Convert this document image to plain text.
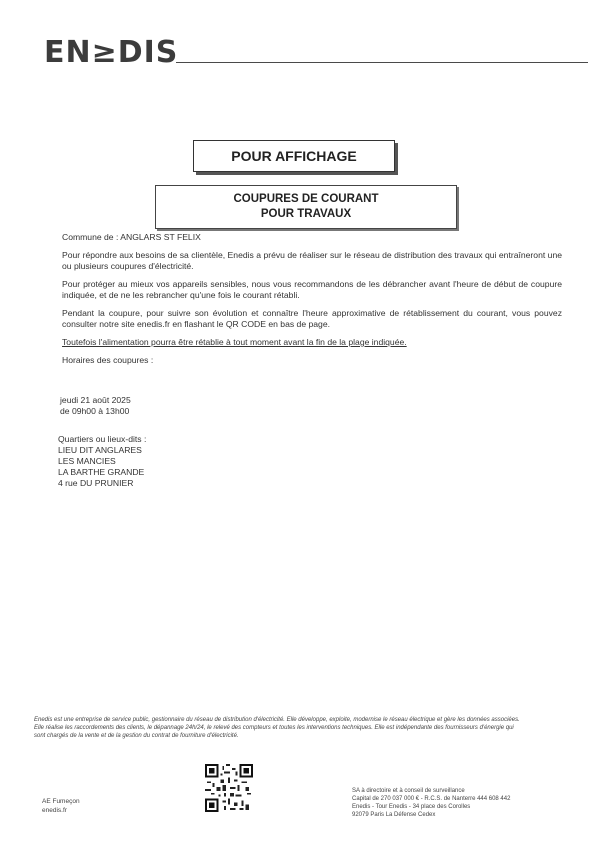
EN≥DIS
POUR AFFICHAGE
COUPURES DE COURANT
POUR TRAVAUX

Commune de : ANGLARS ST FELIX

Pour répondre aux besoins de sa clientèle, Enedis a prévu de réaliser sur le réseau de distribution des travaux qui entraîneront une ou plusieurs coupures d'électricité.

Pour protéger au mieux vos appareils sensibles, nous vous recommandons de les débrancher avant l'heure de début de coupure indiquée, et de ne les rebrancher qu'une fois le courant rétabli.

Pendant la coupure, pour suivre son évolution et connaître l'heure approximative de rétablissement du courant, vous pouvez consulter notre site enedis.fr en flashant le QR CODE en bas de page.

Toutefois l'alimentation pourra être rétablie à tout moment avant la fin de la plage indiquée.

Horaires des coupures :

jeudi 21 août 2025
de 09h00 à 13h00
Quartiers ou lieux-dits :
LIEU DIT ANGLARES
LES MANCIES
LA BARTHE GRANDE
4 rue DU PRUNIER
Enedis est une entreprise de service public, gestionnaire du réseau de distribution d'électricité. Elle développe, exploite, modernise le réseau électrique et gère les données associées. Elle réalise les raccordements des clients, le dépannage 24h/24, le relevé des compteurs et toutes les interventions techniques. Elle est indépendante des fournisseurs d'énergie qui sont chargés de la vente et de la gestion du contrat de fourniture d'électricité.
AE Fumeçon
enedis.fr
SA à directoire et à conseil de surveillance
Capital de 270 037 000 € - R.C.S. de Nanterre 444 608 442
Enedis - Tour Enedis - 34 place des Corolles
92079 Paris La Défense Cedex
